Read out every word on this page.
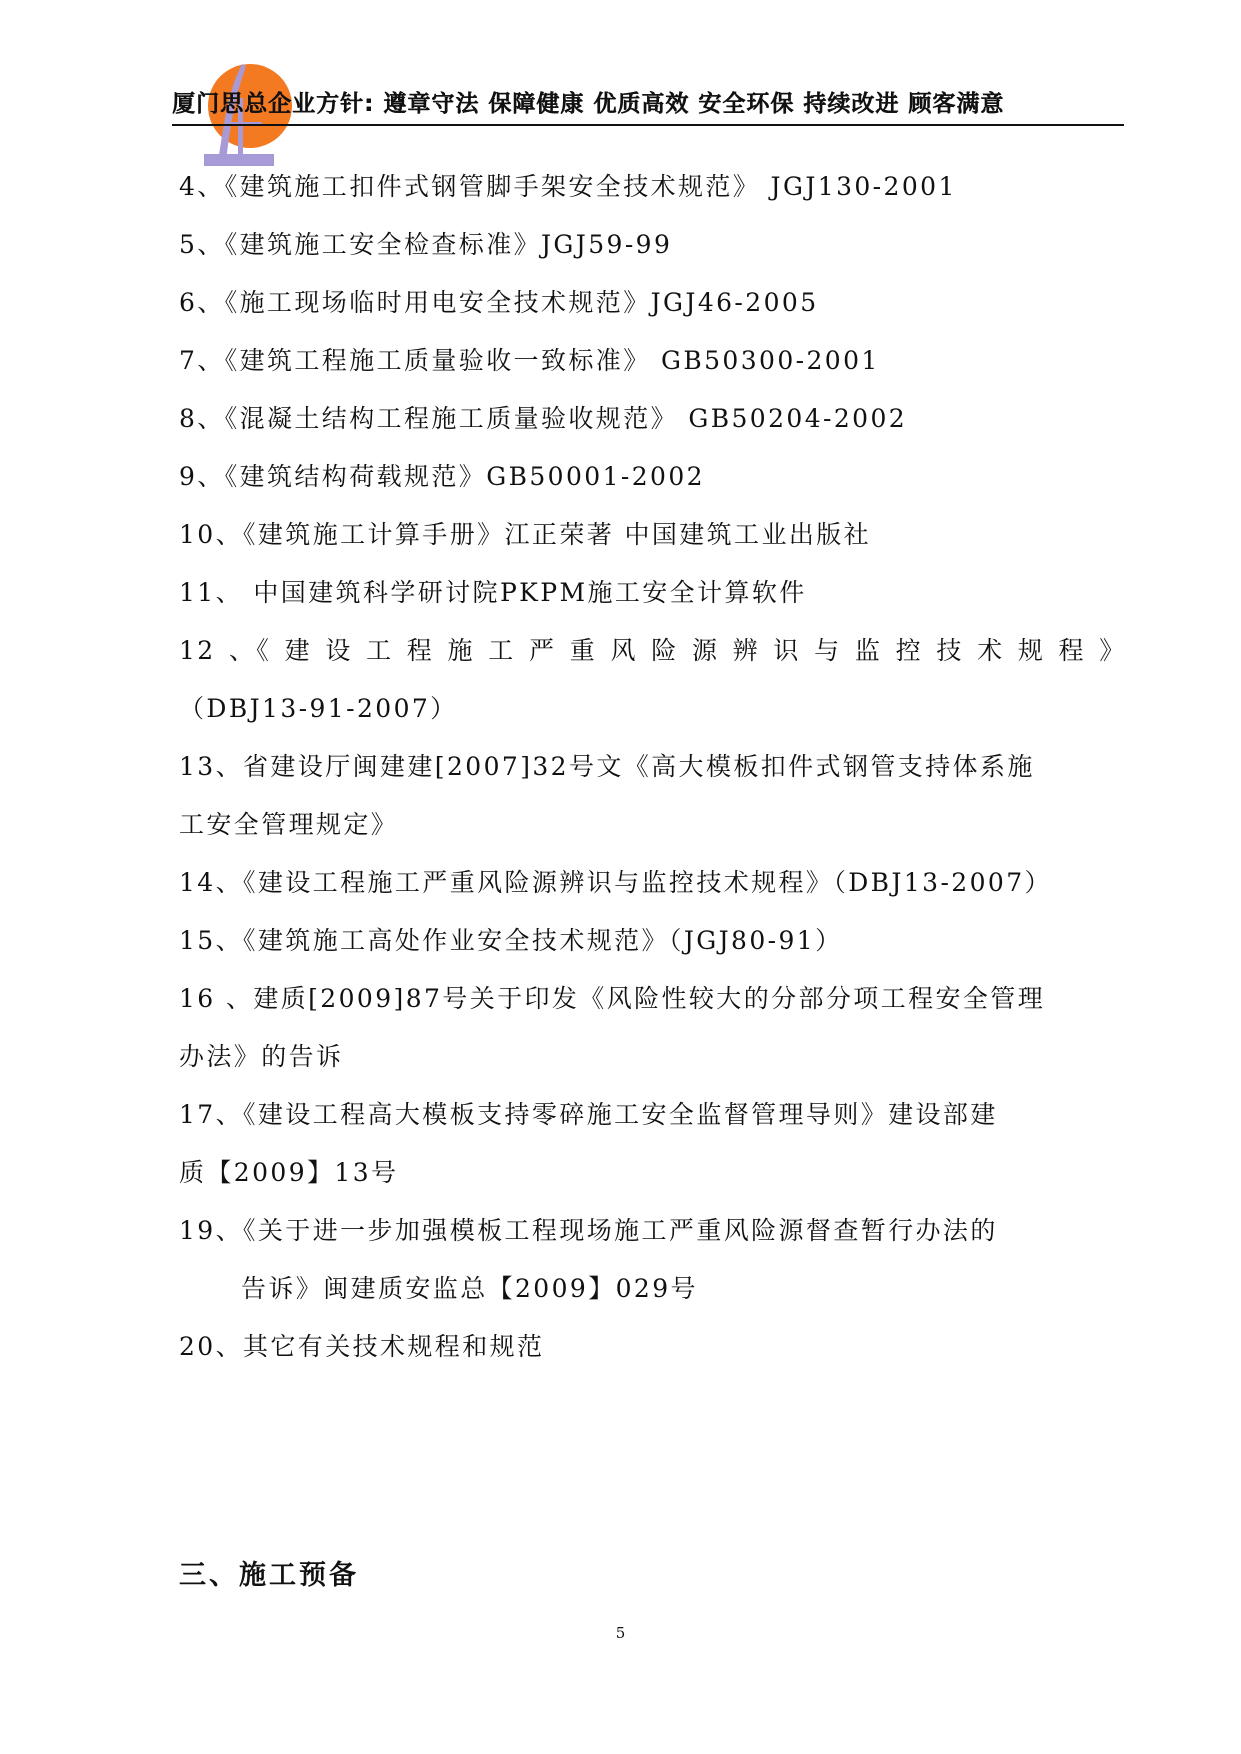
厦门思总企业方针: 遵章守法 保障健康 优质高效 安全环保 持续改进 顾客满意
4、《建筑施工扣件式钢管脚手架安全技术规范》 JGJ130-2001
5、《建筑施工安全检查标准》JGJ59-99
6、《施工现场临时用电安全技术规范》JGJ46-2005
7、《建筑工程施工质量验收一致标准》 GB50300-2001
8、《混凝土结构工程施工质量验收规范》 GB50204-2002
9、《建筑结构荷载规范》GB50001-2002
10、《建筑施工计算手册》江正荣著 中国建筑工业出版社
11、 中国建筑科学研讨院PKPM施工安全计算软件
12 、《 建 设 工 程 施 工 严 重 风 险 源 辨 识 与 监 控 技 术 规 程 》
（DBJ13-91-2007）
13、省建设厅闽建建[2007]32号文《高大模板扣件式钢管支持体系施
工安全管理规定》
14、《建设工程施工严重风险源辨识与监控技术规程》（DBJ13-2007）
15、《建筑施工高处作业安全技术规范》（JGJ80-91）
16 、建质[2009]87号关于印发《风险性较大的分部分项工程安全管理
办法》的告诉
17、《建设工程高大模板支持零碎施工安全监督管理导则》建设部建
质【2009】13号
19、《关于进一步加强模板工程现场施工严重风险源督查暂行办法的
告诉》闽建质安监总【2009】029号
20、其它有关技术规程和规范
三、施工预备
5
